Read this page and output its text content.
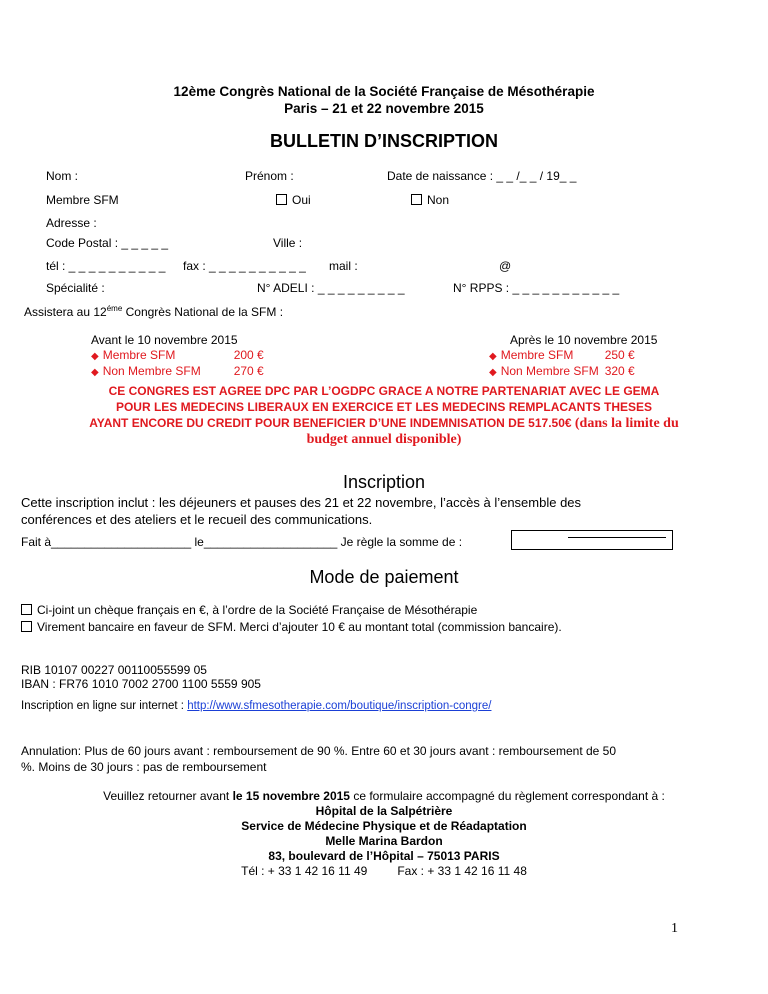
12ème Congrès National de la Société Française de Mésothérapie
Paris – 21 et 22 novembre 2015
BULLETIN D’INSCRIPTION
Nom :	Prénom :	Date de naissance : _ _ /_ _ / 19_ _
Membre SFM	Oui	Non
Adresse :
Code Postal : _ _ _ _ _	Ville :
tél : _ _ _ _ _ _ _ _ _ _ fax : _ _ _ _ _ _ _ _ _ _ mail :	@
Spécialité :	N° ADELI : _ _ _ _ _ _ _ _ _	N° RPPS : _ _ _ _ _ _ _ _ _ _ _
Assistera au $12^{éme}$ Congrès National de la SFM :
Avant le 10 novembre 2015
◆ Membre SFM	200 €
◆ Non Membre SFM	270 €
Après le 10 novembre 2015
◆ Membre SFM	250 €
◆ Non Membre SFM 320 €
CE CONGRES EST AGREE DPC PAR L’OGDPC GRACE A NOTRE PARTENARIAT AVEC LE GEMA
POUR LES MEDECINS LIBERAUX EN EXERCICE ET LES MEDECINS REMPLACANTS THESES
AYANT ENCORE DU CREDIT POUR BENEFICIER D’UNE INDEMNISATION DE 517.50€ (dans la limite du
budget annuel disponible)
Inscription
Cette inscription inclut : les déjeuners et pauses des 21 et 22 novembre, l’accès à l’ensemble des
conférences et des ateliers et le recueil des communications.
Fait à_____________________ le____________________ Je règle la somme de :
Mode de paiement
Ci-joint un chèque français en €, à l’ordre de la Société Française de Mésothérapie
Virement bancaire en faveur de SFM. Merci d’ajouter 10 € au montant total (commission bancaire).
RIB 10107 00227 00110055599 05
IBAN : FR76 1010 7002 2700 1100 5559 905
Inscription en ligne sur internet : http://www.sfmesotherapie.com/boutique/inscription-congre/
Annulation: Plus de 60 jours avant : remboursement de 90 %. Entre 60 et 30 jours avant : remboursement de 50
%. Moins de 30 jours : pas de remboursement
Veuillez retourner avant le 15 novembre 2015 ce formulaire accompagné du règlement correspondant à :
Hôpital de la Salpétrière
Service de Médecine Physique et de Réadaptation
Melle Marina Bardon
83, boulevard de l’Hôpital – 75013 PARIS
Tél : + 33 1 42 16 11 49	Fax : + 33 1 42 16 11 48
1
